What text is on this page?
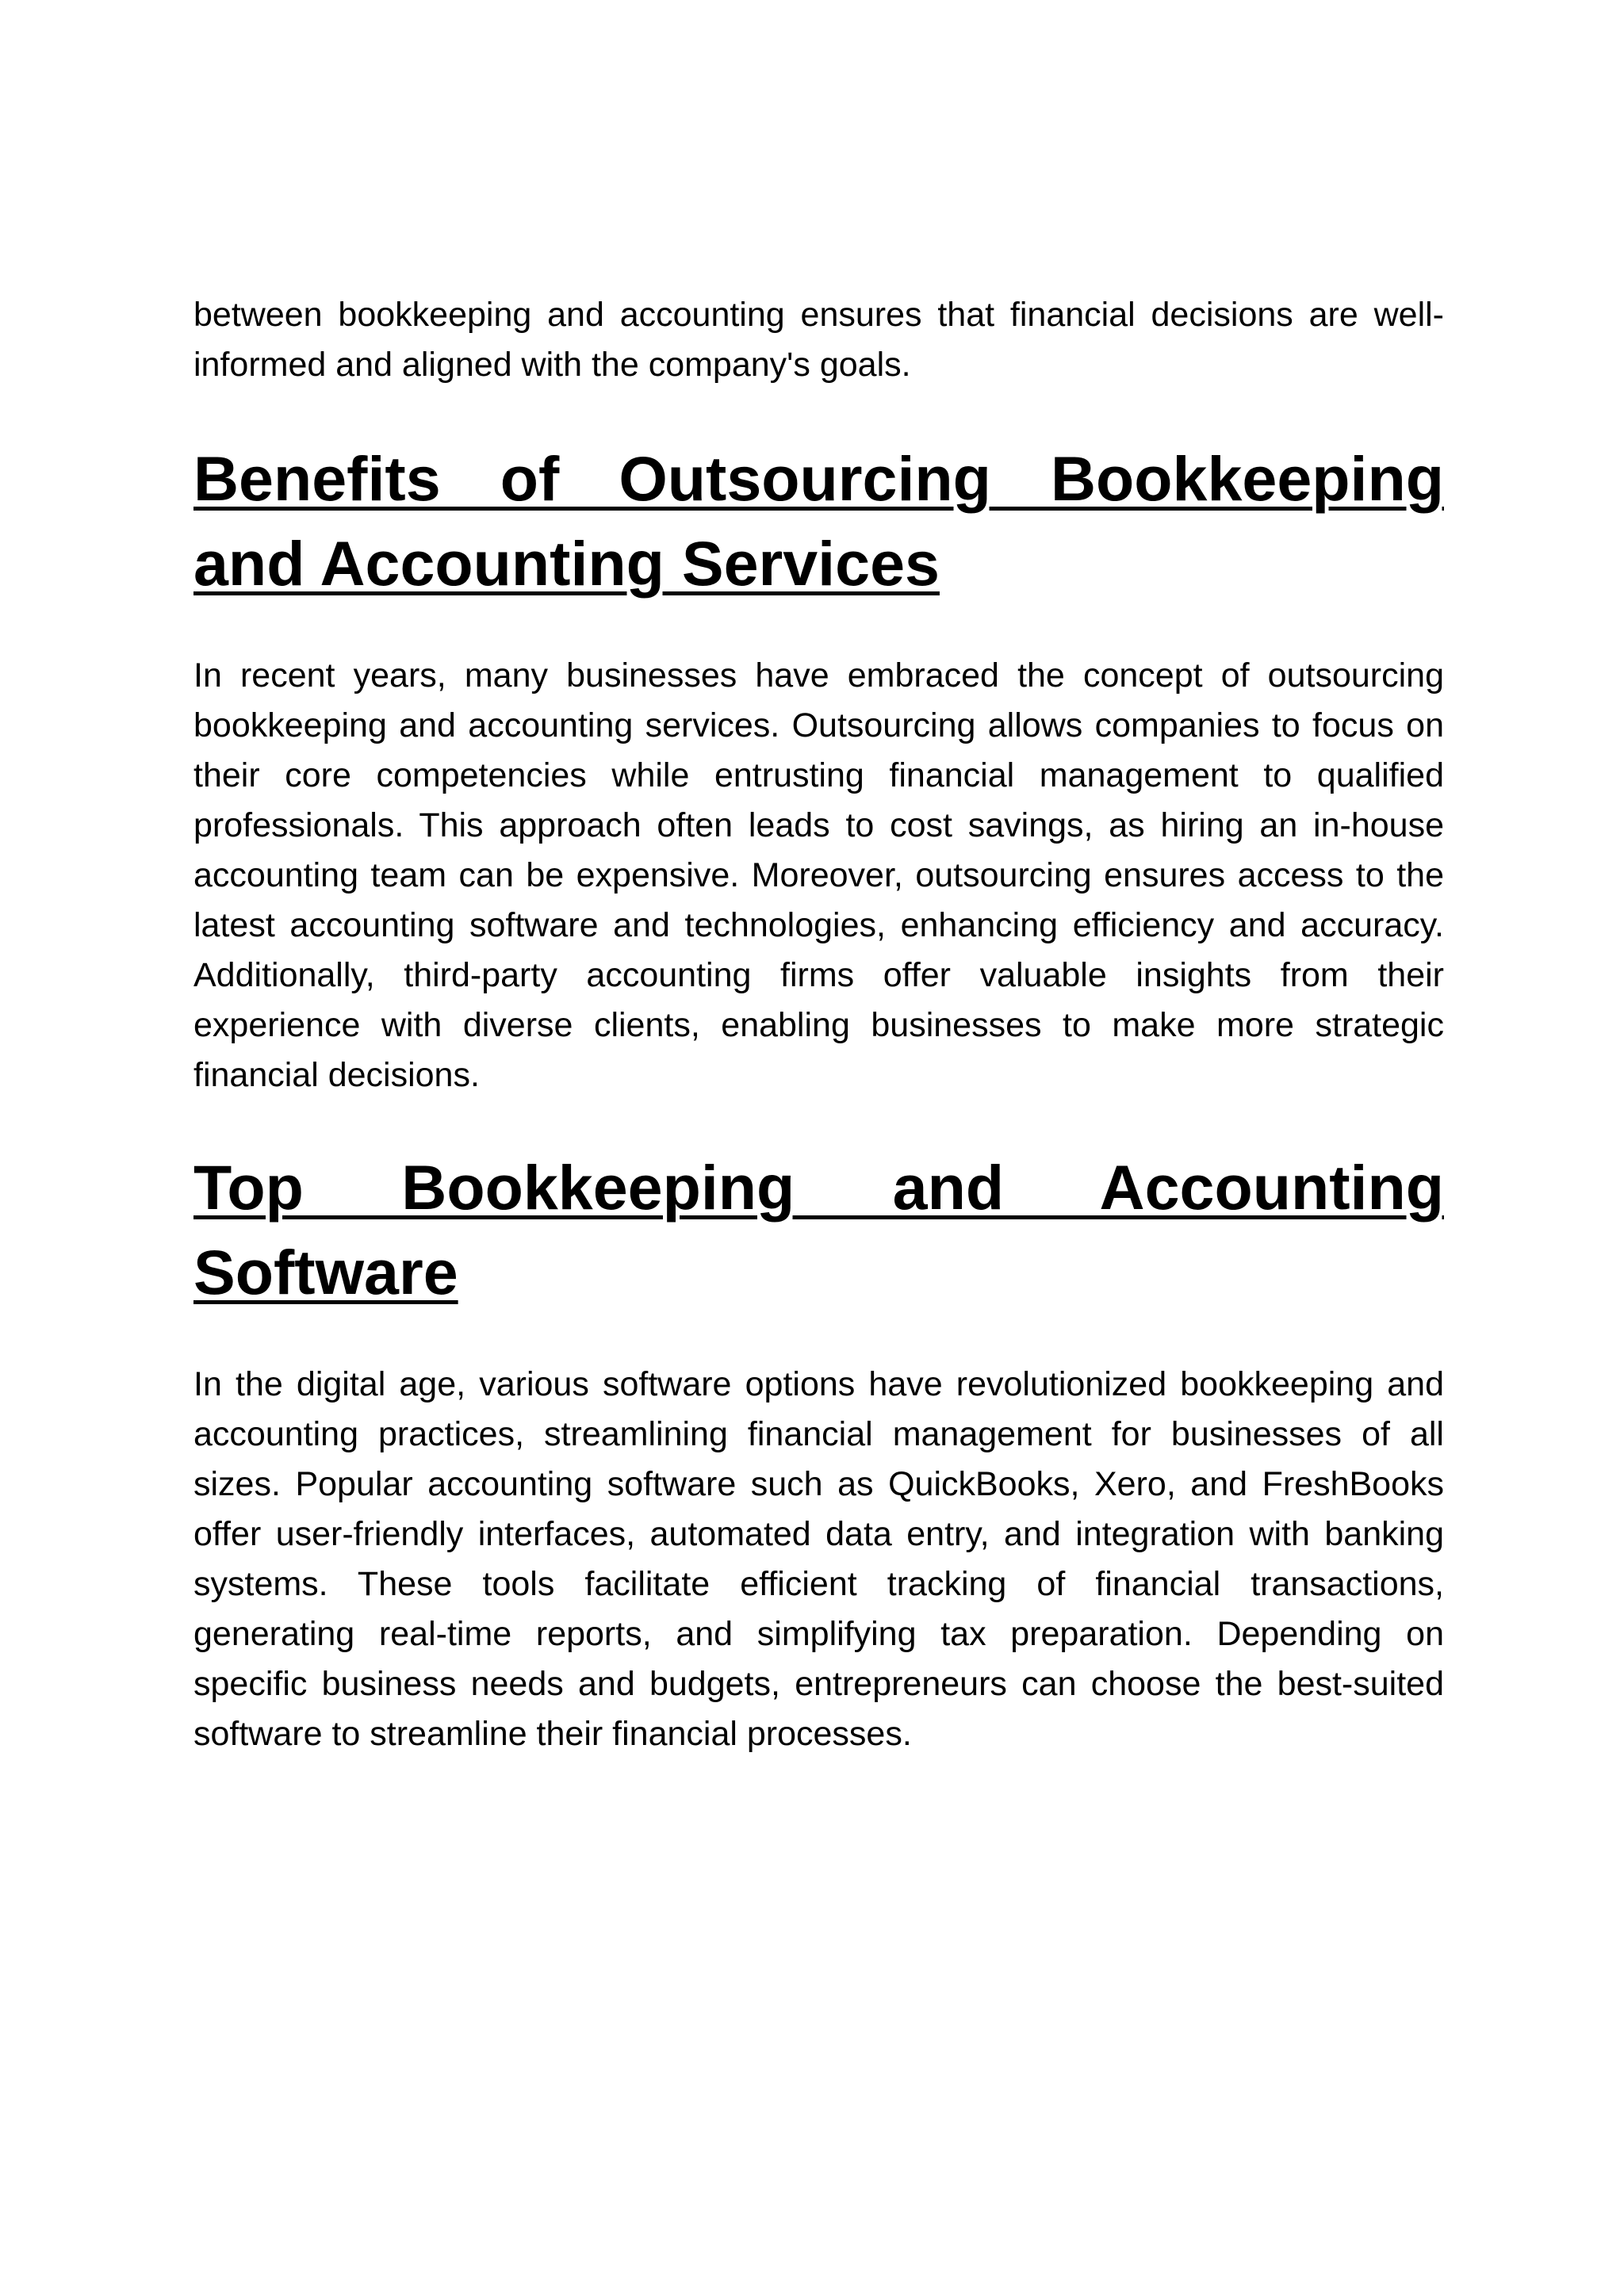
between bookkeeping and accounting ensures that financial decisions are well-informed and aligned with the company's goals.

Benefits of Outsourcing Bookkeeping and Accounting Services

In recent years, many businesses have embraced the concept of outsourcing bookkeeping and accounting services. Outsourcing allows companies to focus on their core competencies while entrusting financial management to qualified professionals. This approach often leads to cost savings, as hiring an in-house accounting team can be expensive. Moreover, outsourcing ensures access to the latest accounting software and technologies, enhancing efficiency and accuracy. Additionally, third-party accounting firms offer valuable insights from their experience with diverse clients, enabling businesses to make more strategic financial decisions.

Top Bookkeeping and Accounting Software

In the digital age, various software options have revolutionized bookkeeping and accounting practices, streamlining financial management for businesses of all sizes. Popular accounting software such as QuickBooks, Xero, and FreshBooks offer user-friendly interfaces, automated data entry, and integration with banking systems. These tools facilitate efficient tracking of financial transactions, generating real-time reports, and simplifying tax preparation. Depending on specific business needs and budgets, entrepreneurs can choose the best-suited software to streamline their financial processes.
